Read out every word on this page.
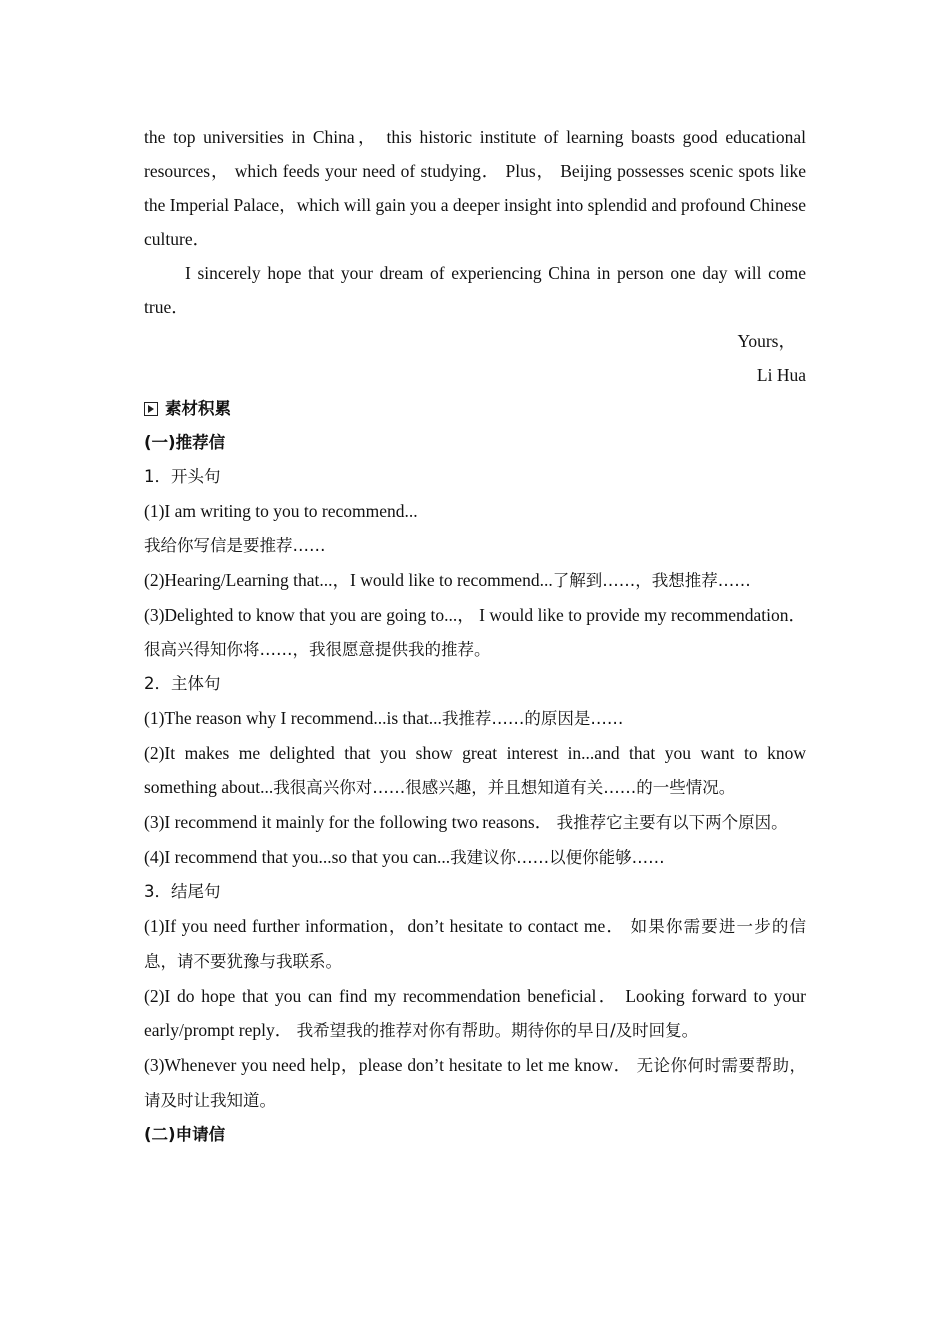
the top universities in China， this historic institute of learning boasts good educational resources， which feeds your need of studying． Plus， Beijing possesses scenic spots like the Imperial Palace，which will gain you a deeper insight into splendid and profound Chinese culture．

I sincerely hope that your dream of experiencing China in person one day will come true．

Yours，

Li Hua

素材积累

(一)推荐信

1．开头句

(1)I am writing to you to recommend...

我给你写信是要推荐……

(2)Hearing/Learning that...，I would like to recommend...了解到……，我想推荐……

(3)Delighted to know that you are going to...， I would like to provide my recommendation． 很高兴得知你将……，我很愿意提供我的推荐。

2．主体句

(1)The reason why I recommend...is that...我推荐……的原因是……

(2)It makes me delighted that you show great interest in...and that you want to know something about...我很高兴你对……很感兴趣，并且想知道有关……的一些情况。

(3)I recommend it mainly for the following two reasons． 我推荐它主要有以下两个原因。

(4)I recommend that you...so that you can...我建议你……以便你能够……

3．结尾句

(1)If you need further information，don’t hesitate to contact me． 如果你需要进一步的信息，请不要犹豫与我联系。

(2)I do hope that you can find my recommendation beneficial． Looking forward to your early/prompt reply． 我希望我的推荐对你有帮助。期待你的早日/及时回复。

(3)Whenever you need help，please don’t hesitate to let me know． 无论你何时需要帮助，请及时让我知道。

(二)申请信
